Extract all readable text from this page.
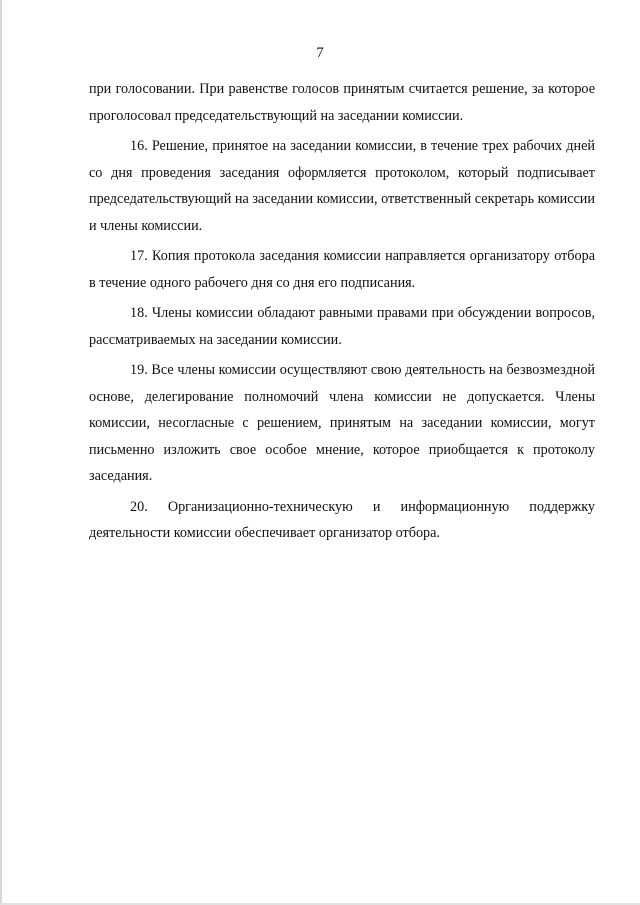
7

при голосовании. При равенстве голосов принятым считается решение, за которое проголосовал председательствующий на заседании комиссии.

16. Решение, принятое на заседании комиссии, в течение трех рабочих дней со дня проведения заседания оформляется протоколом, который подписывает председательствующий на заседании комиссии, ответственный секретарь комиссии и члены комиссии.

17. Копия протокола заседания комиссии направляется организатору отбора в течение одного рабочего дня со дня его подписания.

18. Члены комиссии обладают равными правами при обсуждении вопросов, рассматриваемых на заседании комиссии.

19. Все члены комиссии осуществляют свою деятельность на безвозмездной основе, делегирование полномочий члена комиссии не допускается. Члены комиссии, несогласные с решением, принятым на заседании комиссии, могут письменно изложить свое особое мнение, которое приобщается к протоколу заседания.

20. Организационно-техническую и информационную поддержку деятельности комиссии обеспечивает организатор отбора.
